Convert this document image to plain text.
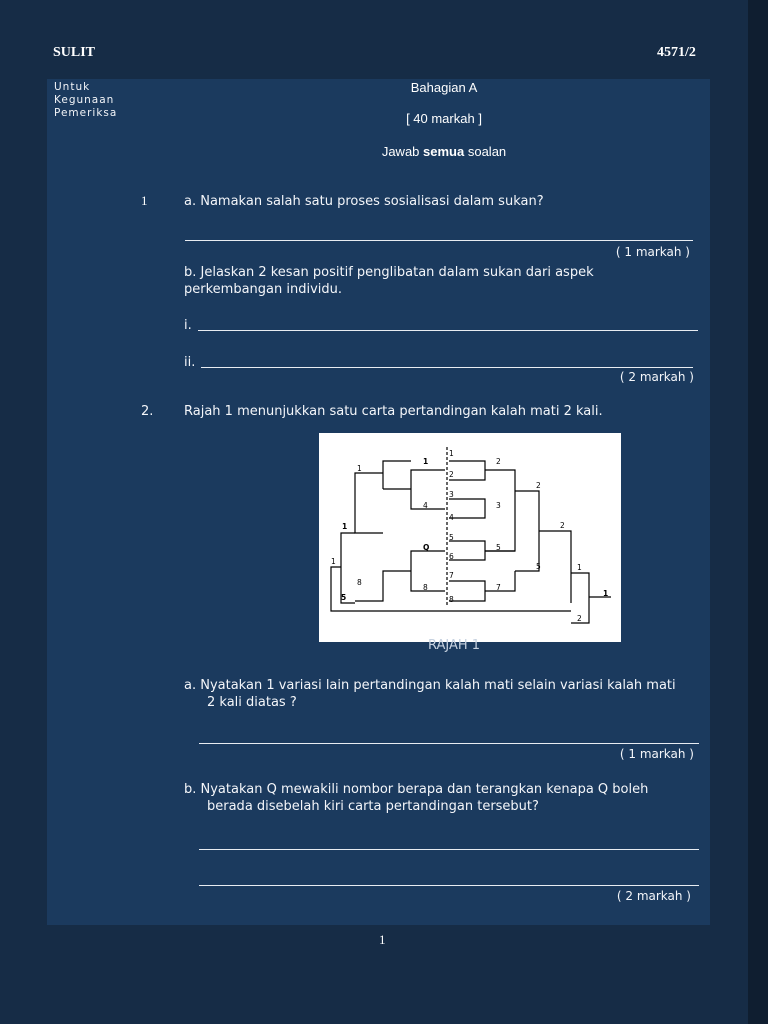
SULIT	4571/2
Untuk
Kegunaan
Pemeriksa
Bahagian A
[ 40 markah ]
Jawab semua soalan
1	a. Namakan salah satu proses sosialisasi dalam sukan?
( 1 markah )
b. Jelaskan 2 kesan positif penglibatan dalam sukan dari aspek
perkembangan individu.
i.
ii.
( 2 markah )
2. Rajah 1 menunjukkan satu carta pertandingan kalah mati 2 kali.
1
2
3
4
5
6
7
8
2
3
5
7
1
4
Q
8
2
5
2
1
8
1
5
1
1
1
2
RAJAH 1
a. Nyatakan 1 variasi lain pertandingan kalah mati selain variasi kalah mati
2 kali diatas ?
( 1 markah )
b. Nyatakan Q mewakili nombor berapa dan terangkan kenapa Q boleh
berada disebelah kiri carta pertandingan tersebut?
( 2 markah )
1
